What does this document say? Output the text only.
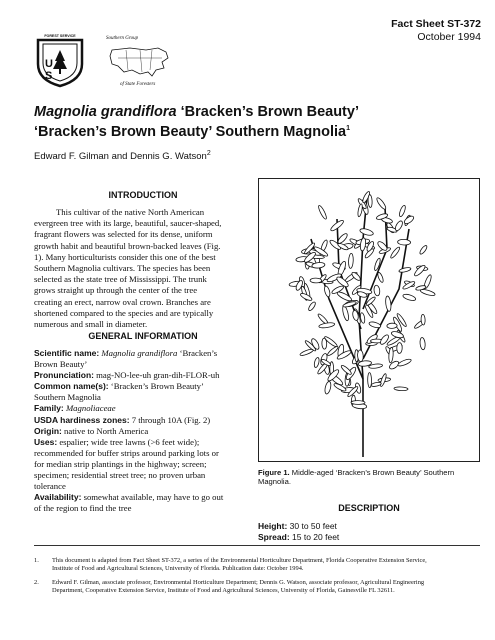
Fact Sheet ST-372
October 1994
FOREST SERVICE
U S
Southern Group
of State Foresters
Magnolia grandiflora ‘Bracken’s Brown Beauty’
‘Bracken’s Brown Beauty’ Southern Magnolia$^1$
Edward F. Gilman and Dennis G. Watson$^2$
INTRODUCTION
This cultivar of the native North American
evergreen tree with its large, beautiful, saucer-shaped,
fragrant flowers was selected for its dense, uniform
growth habit and beautiful brown-backed leaves (Fig.
1). Many horticulturists consider this one of the best
Southern Magnolia cultivars. The species has been
selected as the state tree of Mississippi. The trunk
grows straight up through the center of the tree
creating an erect, narrow oval crown. Branches are
shortened compared to the species and are typically
numerous and small in diameter.
GENERAL INFORMATION
Scientific name: Magnolia grandiflora ‘Bracken’s
Brown Beauty’
Pronunciation: mag-NO-lee-uh gran-dih-FLOR-uh
Common name(s): ‘Bracken’s Brown Beauty’
Southern Magnolia
Family: Magnoliaceae
USDA hardiness zones: 7 through 10A (Fig. 2)
Origin: native to North America
Uses: espalier; wide tree lawns (>6 feet wide);
recommended for buffer strips around parking lots or
for median strip plantings in the highway; screen;
specimen; residential street tree; no proven urban
tolerance
Availability: somewhat available, may have to go out
of the region to find the tree
Figure 1. Middle-aged ‘Bracken’s Brown Beauty’ Southern Magnolia.
DESCRIPTION
Height: 30 to 50 feet
Spread: 15 to 20 feet
1. This document is adapted from Fact Sheet ST-372, a series of the Environmental Horticulture Department, Florida Cooperative Extension Service,
Institute of Food and Agricultural Sciences, University of Florida. Publication date: October 1994.
2. Edward F. Gilman, associate professor, Environmental Horticulture Department; Dennis G. Watson, associate professor, Agricultural Engineering
Department, Cooperative Extension Service, Institute of Food and Agricultural Sciences, University of Florida, Gainesville FL 32611.
